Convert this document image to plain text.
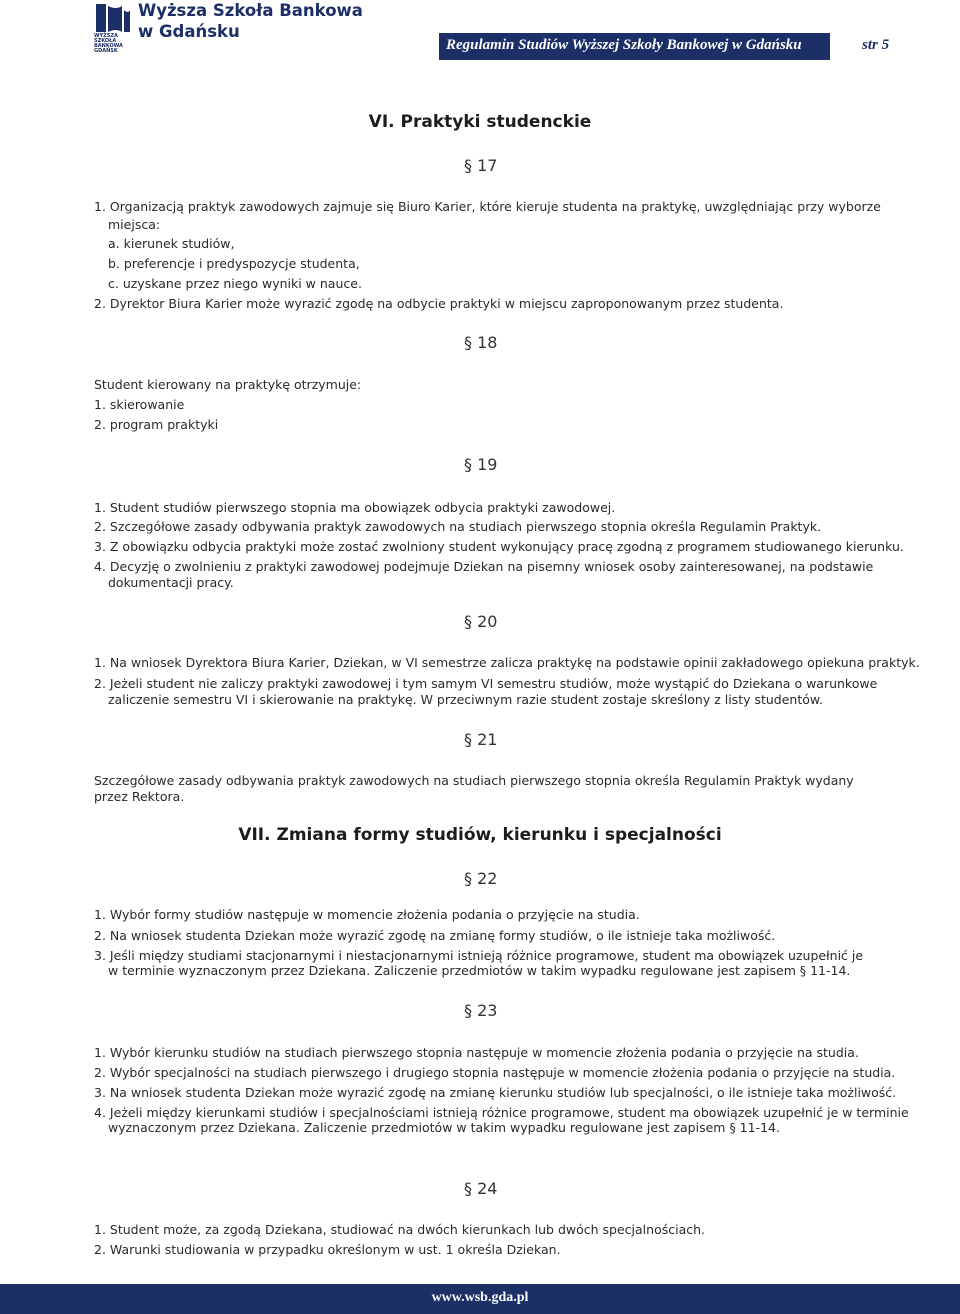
WYŻSZA SZKOŁA BANKOWA GDAŃSK
Wyższa Szkoła Bankowa
w Gdańsku
Regulamin Studiów Wyższej Szkoły Bankowej w Gdańsku	str 5
VI. Praktyki studenckie
§ 17
1. Organizacją praktyk zawodowych zajmuje się Biuro Karier, które kieruje studenta na praktykę, uwzględniając przy wyborze
miejsca:
a. kierunek studiów,
b. preferencje i predyspozycje studenta,
c. uzyskane przez niego wyniki w nauce.
2. Dyrektor Biura Karier może wyrazić zgodę na odbycie praktyki w miejscu zaproponowanym przez studenta.
§ 18
Student kierowany na praktykę otrzymuje:
1. skierowanie
2. program praktyki
§ 19
1. Student studiów pierwszego stopnia ma obowiązek odbycia praktyki zawodowej.
2. Szczegółowe zasady odbywania praktyk zawodowych na studiach pierwszego stopnia określa Regulamin Praktyk.
3. Z obowiązku odbycia praktyki może zostać zwolniony student wykonujący pracę zgodną z programem studiowanego kierunku.
4. Decyzję o zwolnieniu z praktyki zawodowej podejmuje Dziekan na pisemny wniosek osoby zainteresowanej, na podstawie
dokumentacji pracy.
§ 20
1. Na wniosek Dyrektora Biura Karier, Dziekan, w VI semestrze zalicza praktykę na podstawie opinii zakładowego opiekuna praktyk.
2. Jeżeli student nie zaliczy praktyki zawodowej i tym samym VI semestru studiów, może wystąpić do Dziekana o warunkowe
zaliczenie semestru VI i skierowanie na praktykę. W przeciwnym razie student zostaje skreślony z listy studentów.
§ 21
Szczegółowe zasady odbywania praktyk zawodowych na studiach pierwszego stopnia określa Regulamin Praktyk wydany
przez Rektora.
VII. Zmiana formy studiów, kierunku i specjalności
§ 22
1. Wybór formy studiów następuje w momencie złożenia podania o przyjęcie na studia.
2. Na wniosek studenta Dziekan może wyrazić zgodę na zmianę formy studiów, o ile istnieje taka możliwość.
3. Jeśli między studiami stacjonarnymi i niestacjonarnymi istnieją różnice programowe, student ma obowiązek uzupełnić je
w terminie wyznaczonym przez Dziekana. Zaliczenie przedmiotów w takim wypadku regulowane jest zapisem § 11-14.
§ 23
1. Wybór kierunku studiów na studiach pierwszego stopnia następuje w momencie złożenia podania o przyjęcie na studia.
2. Wybór specjalności na studiach pierwszego i drugiego stopnia następuje w momencie złożenia podania o przyjęcie na studia.
3. Na wniosek studenta Dziekan może wyrazić zgodę na zmianę kierunku studiów lub specjalności, o ile istnieje taka możliwość.
4. Jeżeli między kierunkami studiów i specjalnościami istnieją różnice programowe, student ma obowiązek uzupełnić je w terminie
wyznaczonym przez Dziekana. Zaliczenie przedmiotów w takim wypadku regulowane jest zapisem § 11-14.
§ 24
1. Student może, za zgodą Dziekana, studiować na dwóch kierunkach lub dwóch specjalnościach.
2. Warunki studiowania w przypadku określonym w ust. 1 określa Dziekan.
www.wsb.gda.pl
